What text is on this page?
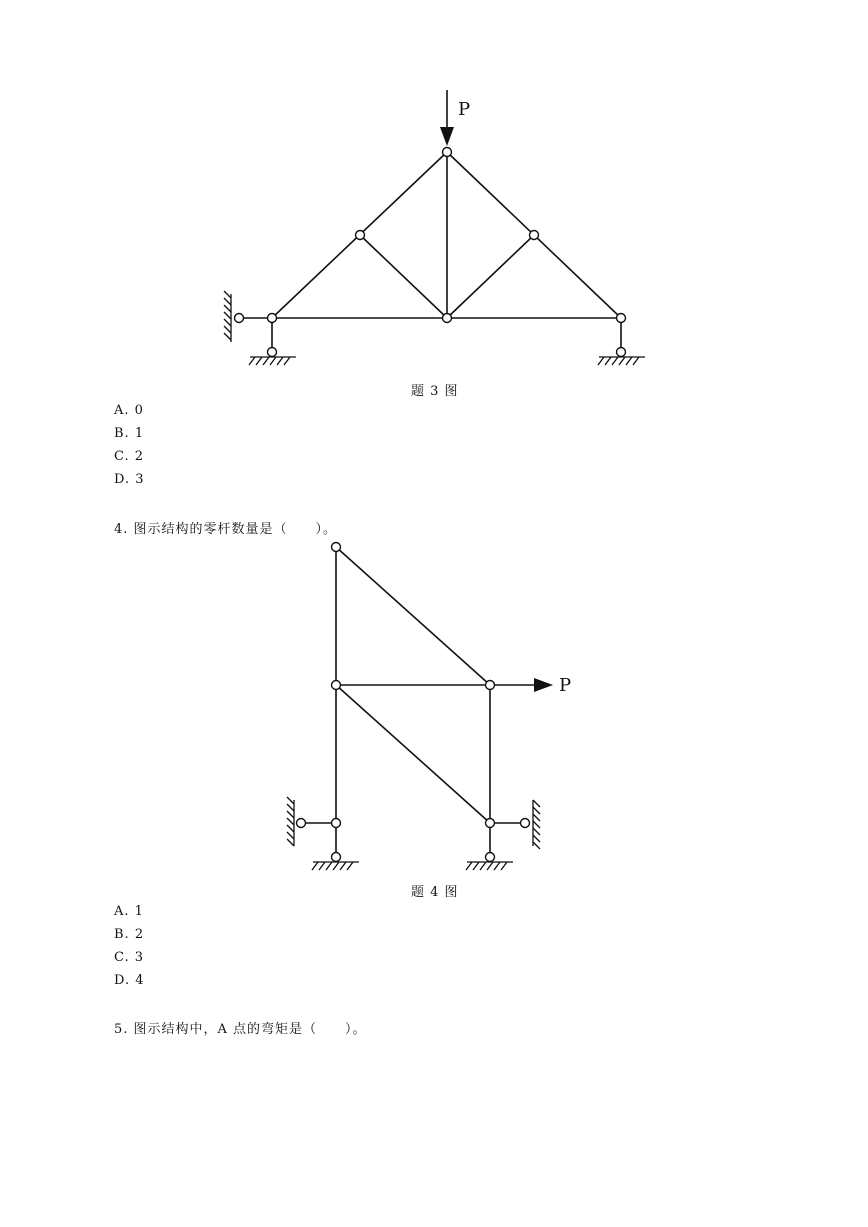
P
题 3 图
A. 0
B. 1
C. 2
D. 3
4. 图示结构的零杆数量是（　　）。
P
题 4 图
A. 1
B. 2
C. 3
D. 4
5. 图示结构中，A 点的弯矩是（　　）。
